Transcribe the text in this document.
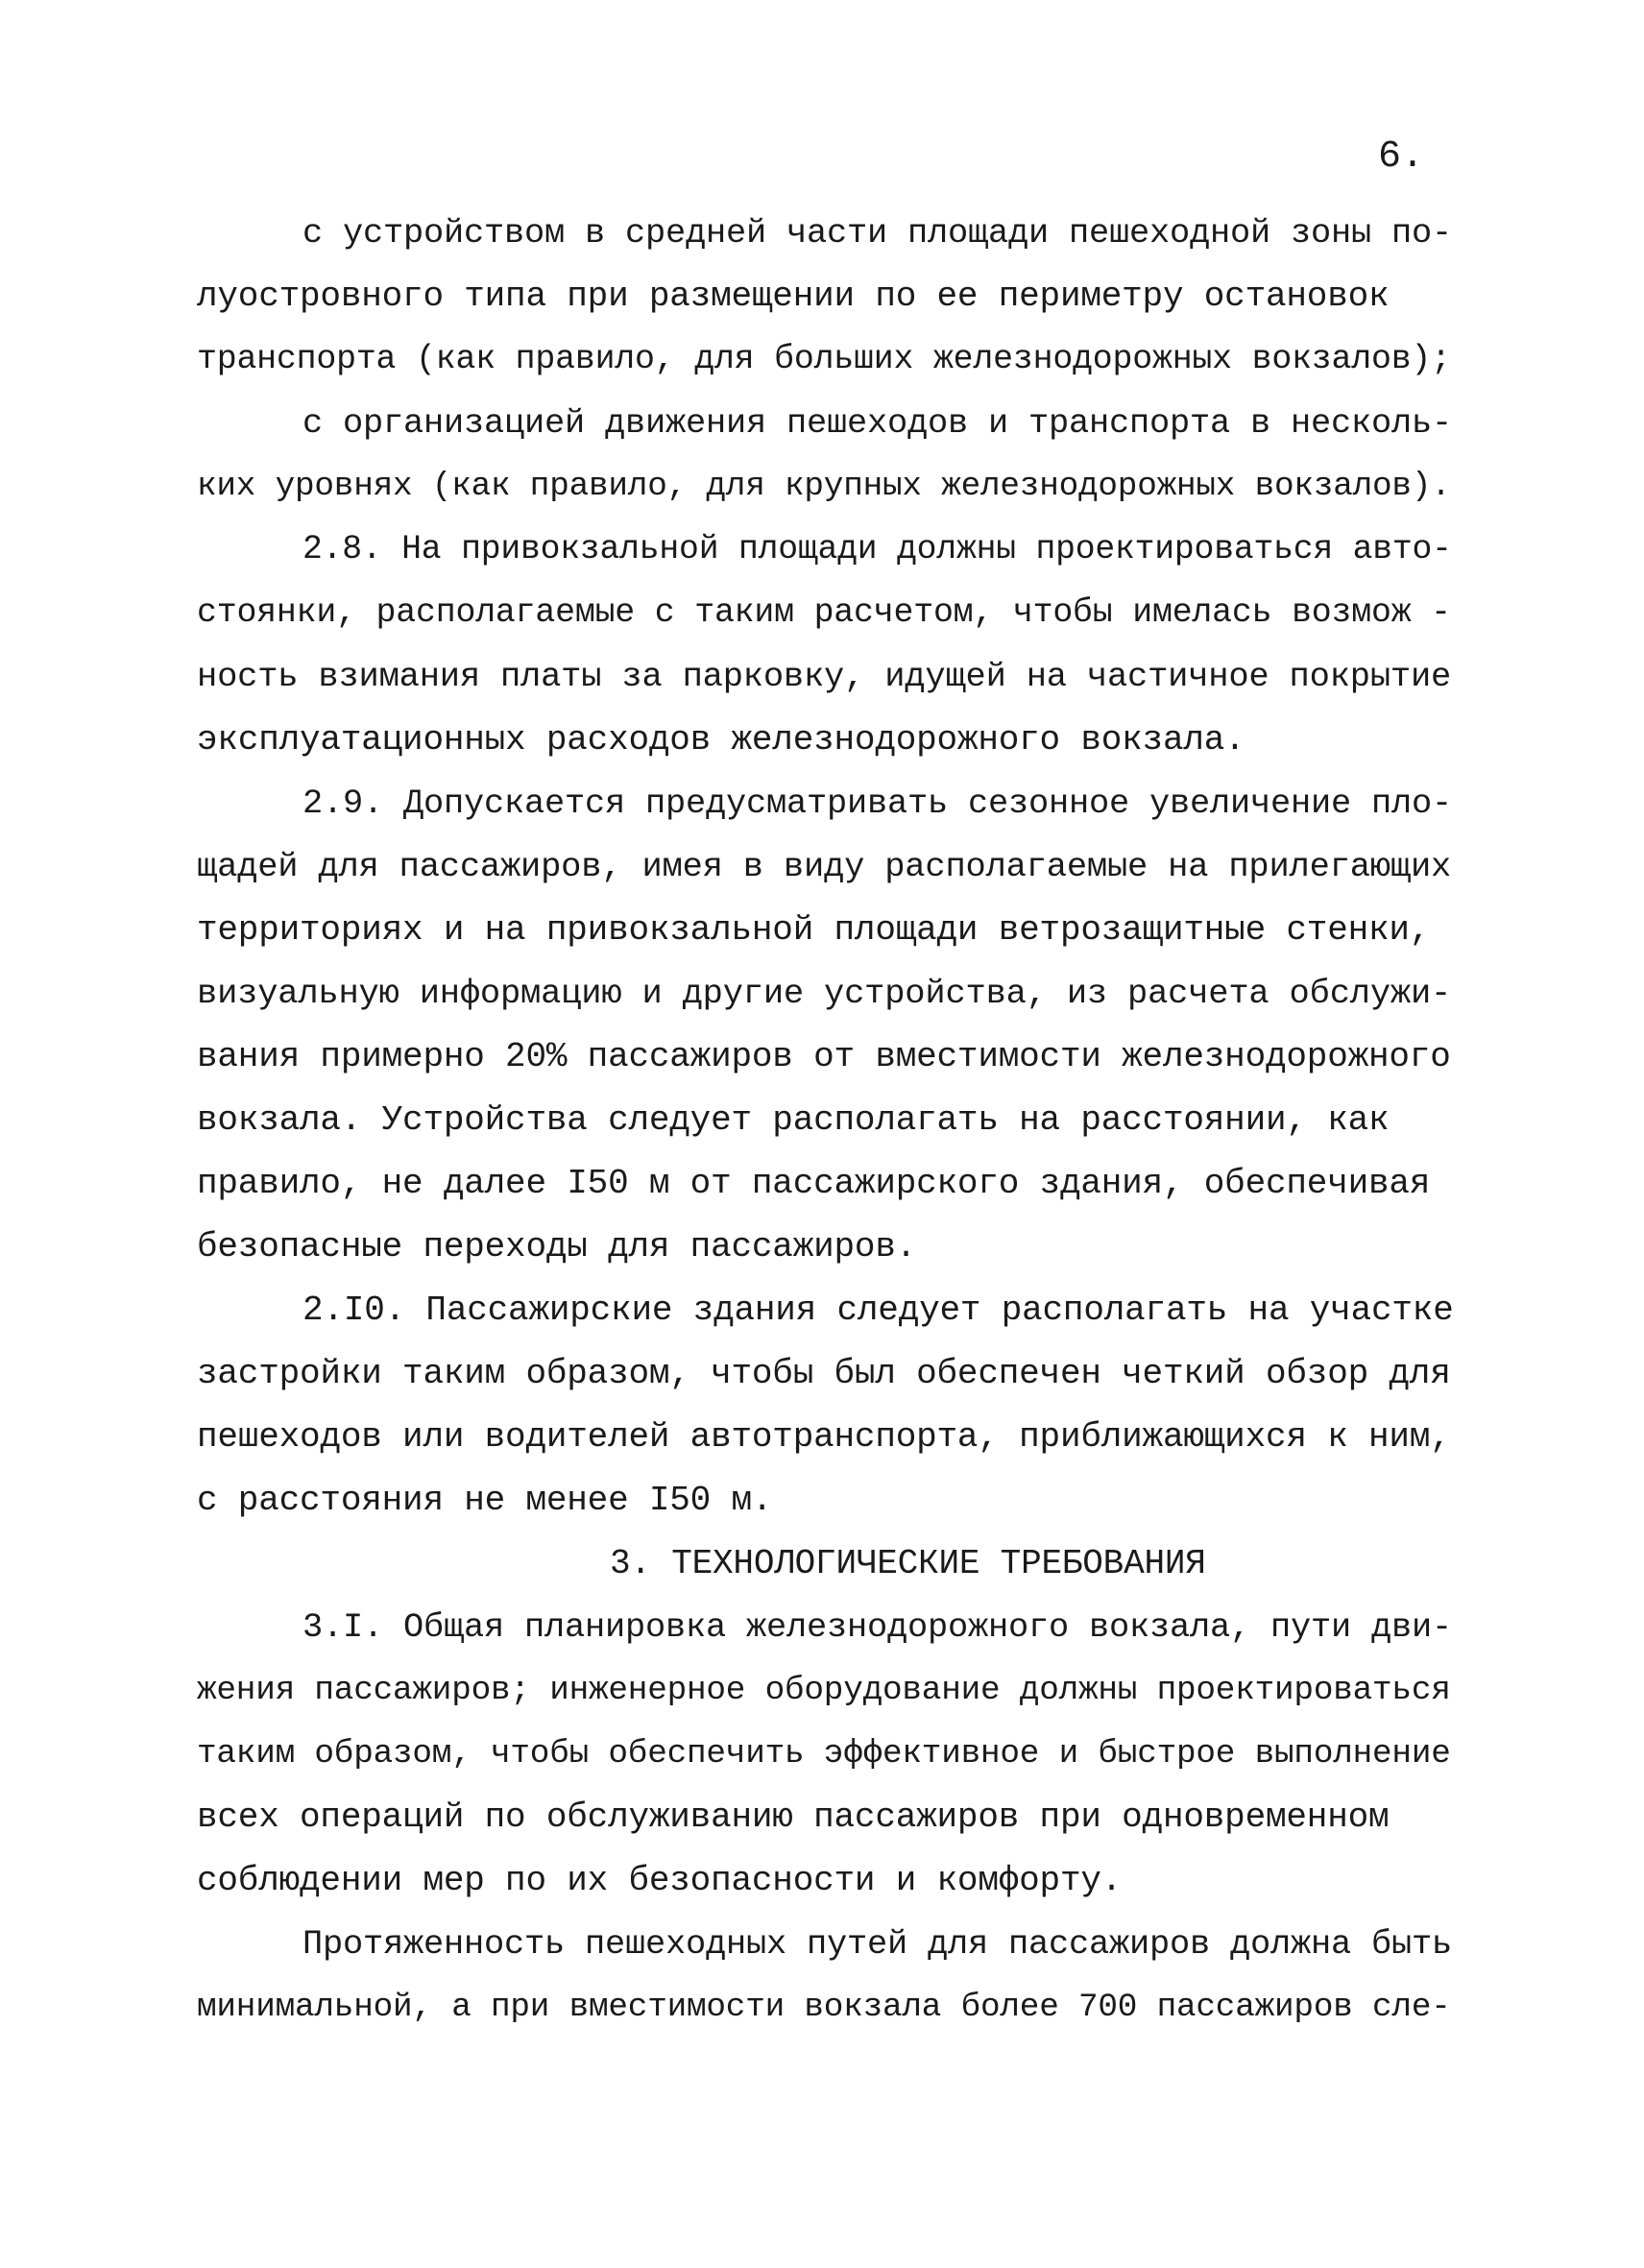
6.
с устройством в средней части площади пешеходной зоны по-
луостровного типа при размещении по ее периметру остановок
транспорта (как правило, для больших железнодорожных вокзалов);
с организацией движения пешеходов и транспорта в несколь-
ких уровнях (как правило, для крупных железнодорожных вокзалов).
2.8. На привокзальной площади должны проектироваться авто-
стоянки, располагаемые с таким расчетом, чтобы имелась возмож -
ность взимания платы за парковку, идущей на частичное покрытие
эксплуатационных расходов железнодорожного вокзала.
2.9. Допускается предусматривать сезонное увеличение пло-
щадей для пассажиров, имея в виду располагаемые на прилегающих
территориях и на привокзальной площади ветрозащитные стенки,
визуальную информацию и другие устройства, из расчета обслужи-
вания примерно 20% пассажиров от вместимости железнодорожного
вокзала. Устройства следует располагать на расстоянии, как
правило, не далее I50 м от пассажирского здания, обеспечивая
безопасные переходы для пассажиров.
2.I0. Пассажирские здания следует располагать на участке
застройки таким образом, чтобы был обеспечен четкий обзор для
пешеходов или водителей автотранспорта, приближающихся к ним,
с расстояния не менее I50 м.
3. ТЕХНОЛОГИЧЕСКИЕ ТРЕБОВАНИЯ
3.I. Общая планировка железнодорожного вокзала, пути дви-
жения пассажиров; инженерное оборудование должны проектироваться
таким образом, чтобы обеспечить эффективное и быстрое выполнение
всех операций по обслуживанию пассажиров при одновременном
соблюдении мер по их безопасности и комфорту.
Протяженность пешеходных путей для пассажиров должна быть
минимальной, а при вместимости вокзала более 700 пассажиров сле-
